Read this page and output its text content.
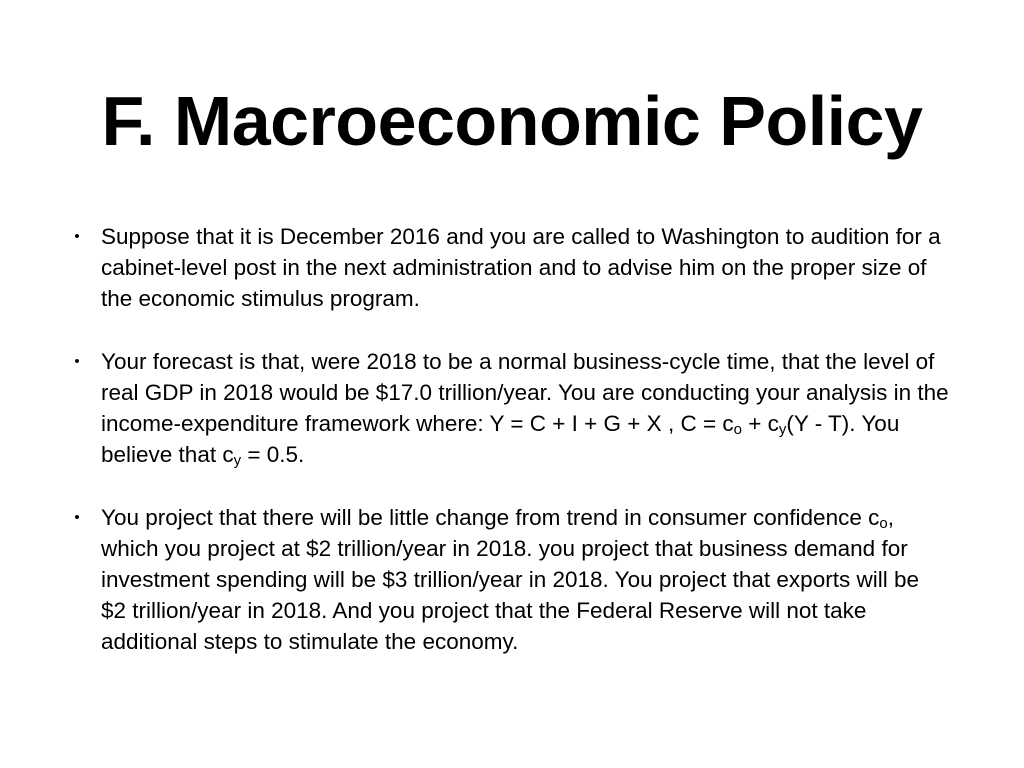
F. Macroeconomic Policy
• Suppose that it is December 2016 and you are called to Washington to audition for a cabinet-level post in the next administration and to advise him on the proper size of the economic stimulus program.
• Your forecast is that, were 2018 to be a normal business-cycle time, that the level of real GDP in 2018 would be $17.0 trillion/year. You are conducting your analysis in the income-expenditure framework where: Y = C + I + G + X , $C = c_o + c_y(Y - T)$. You believe that $c_y = 0.5$.
• You project that there will be little change from trend in consumer confidence $c_o$, which you project at $2 trillion/year in 2018. you project that business demand for investment spending will be $3 trillion/year in 2018. You project that exports will be $2 trillion/year in 2018. And you project that the Federal Reserve will not take additional steps to stimulate the economy.
